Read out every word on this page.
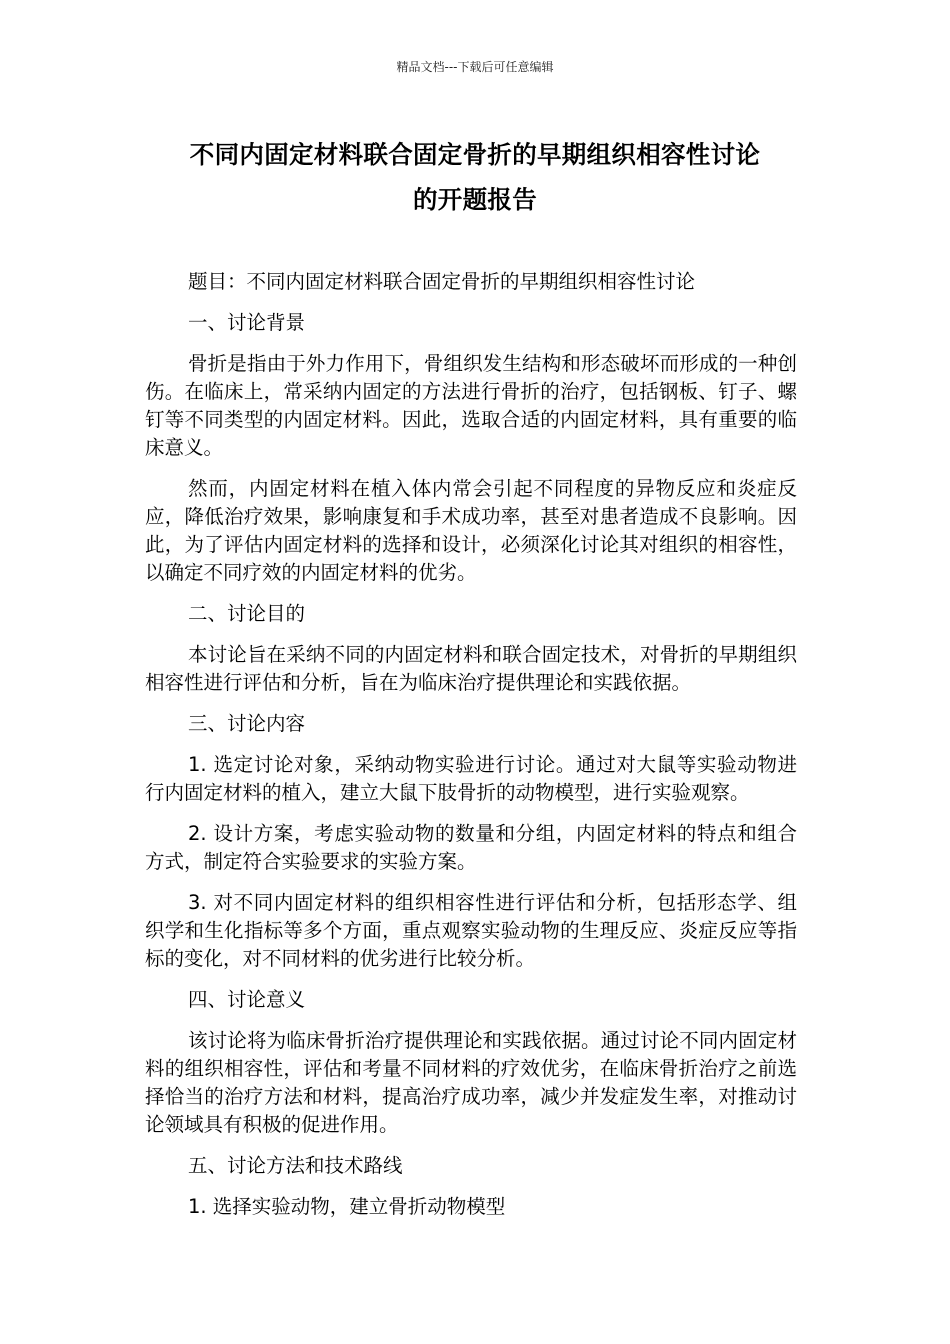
精品文档---下载后可任意编辑
不同内固定材料联合固定骨折的早期组织相容性讨论
的开题报告
题目：不同内固定材料联合固定骨折的早期组织相容性讨论
一、讨论背景
骨折是指由于外力作用下，骨组织发生结构和形态破坏而形成的一种创伤。在临床上，常采纳内固定的方法进行骨折的治疗，包括钢板、钉子、螺钉等不同类型的内固定材料。因此，选取合适的内固定材料，具有重要的临床意义。
然而，内固定材料在植入体内常会引起不同程度的异物反应和炎症反应，降低治疗效果，影响康复和手术成功率，甚至对患者造成不良影响。因此，为了评估内固定材料的选择和设计，必须深化讨论其对组织的相容性，以确定不同疗效的内固定材料的优劣。
二、讨论目的
本讨论旨在采纳不同的内固定材料和联合固定技术，对骨折的早期组织相容性进行评估和分析，旨在为临床治疗提供理论和实践依据。
三、讨论内容
1. 选定讨论对象，采纳动物实验进行讨论。通过对大鼠等实验动物进行内固定材料的植入，建立大鼠下肢骨折的动物模型，进行实验观察。
2. 设计方案，考虑实验动物的数量和分组，内固定材料的特点和组合方式，制定符合实验要求的实验方案。
3. 对不同内固定材料的组织相容性进行评估和分析，包括形态学、组织学和生化指标等多个方面，重点观察实验动物的生理反应、炎症反应等指标的变化，对不同材料的优劣进行比较分析。
四、讨论意义
该讨论将为临床骨折治疗提供理论和实践依据。通过讨论不同内固定材料的组织相容性，评估和考量不同材料的疗效优劣，在临床骨折治疗之前选择恰当的治疗方法和材料，提高治疗成功率，减少并发症发生率，对推动讨论领域具有积极的促进作用。
五、讨论方法和技术路线
1. 选择实验动物，建立骨折动物模型
